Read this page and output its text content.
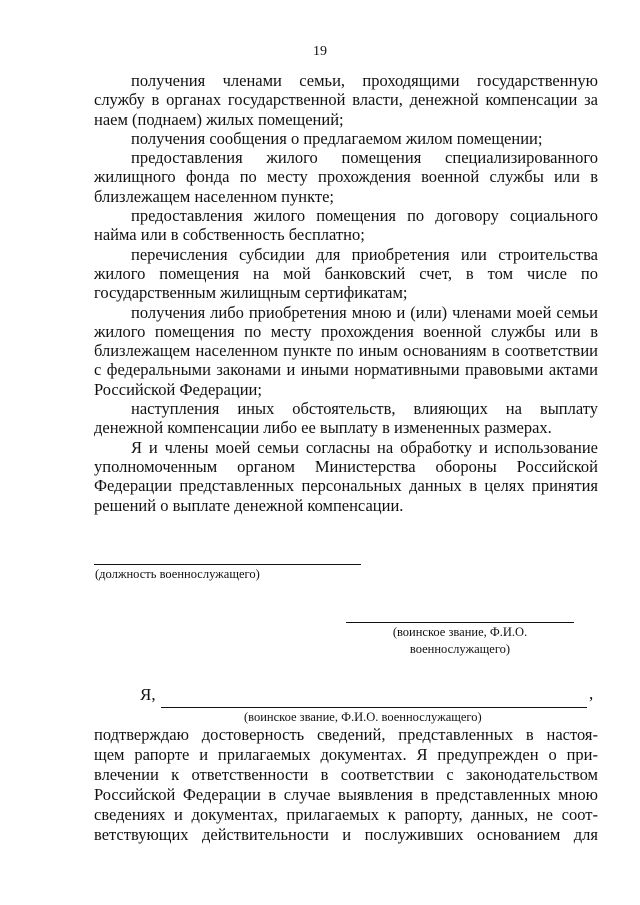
19

получения членами семьи, проходящими государственную службу в органах государственной власти, денежной компенсации за наем (поднаем) жилых помещений;

получения сообщения о предлагаемом жилом помещении;

предоставления жилого помещения специализированного жилищного фонда по месту прохождения военной службы или в близлежащем населенном пункте;

предоставления жилого помещения по договору социального найма или в собственность бесплатно;

перечисления субсидии для приобретения или строительства жилого помещения на мой банковский счет, в том числе по государственным жилищным сертификатам;

получения либо приобретения мною и (или) членами моей семьи жилого помещения по месту прохождения военной службы или в близлежащем населенном пункте по иным основаниям в соответствии с федеральными законами и иными нормативными правовыми актами Российской Федерации;

наступления иных обстоятельств, влияющих на выплату денежной компенсации либо ее выплату в измененных размерах.

Я и члены моей семьи согласны на обработку и использование уполномоченным органом Министерства обороны Российской Федерации представленных персональных данных в целях принятия решений о выплате денежной компенсации.

(должность военнослужащего)
(воинское звание, Ф.И.О.
военнослужащего)
Я,	,
(воинское звание, Ф.И.О. военнослужащего)
подтверждаю достоверность сведений, представленных в настоя-
щем рапорте и прилагаемых документах. Я предупрежден о при-
влечении к ответственности в соответствии с законодательством
Российской Федерации в случае выявления в представленных мною
сведениях и документах, прилагаемых к рапорту, данных, не соот-
ветствующих действительности и послуживших основанием для
